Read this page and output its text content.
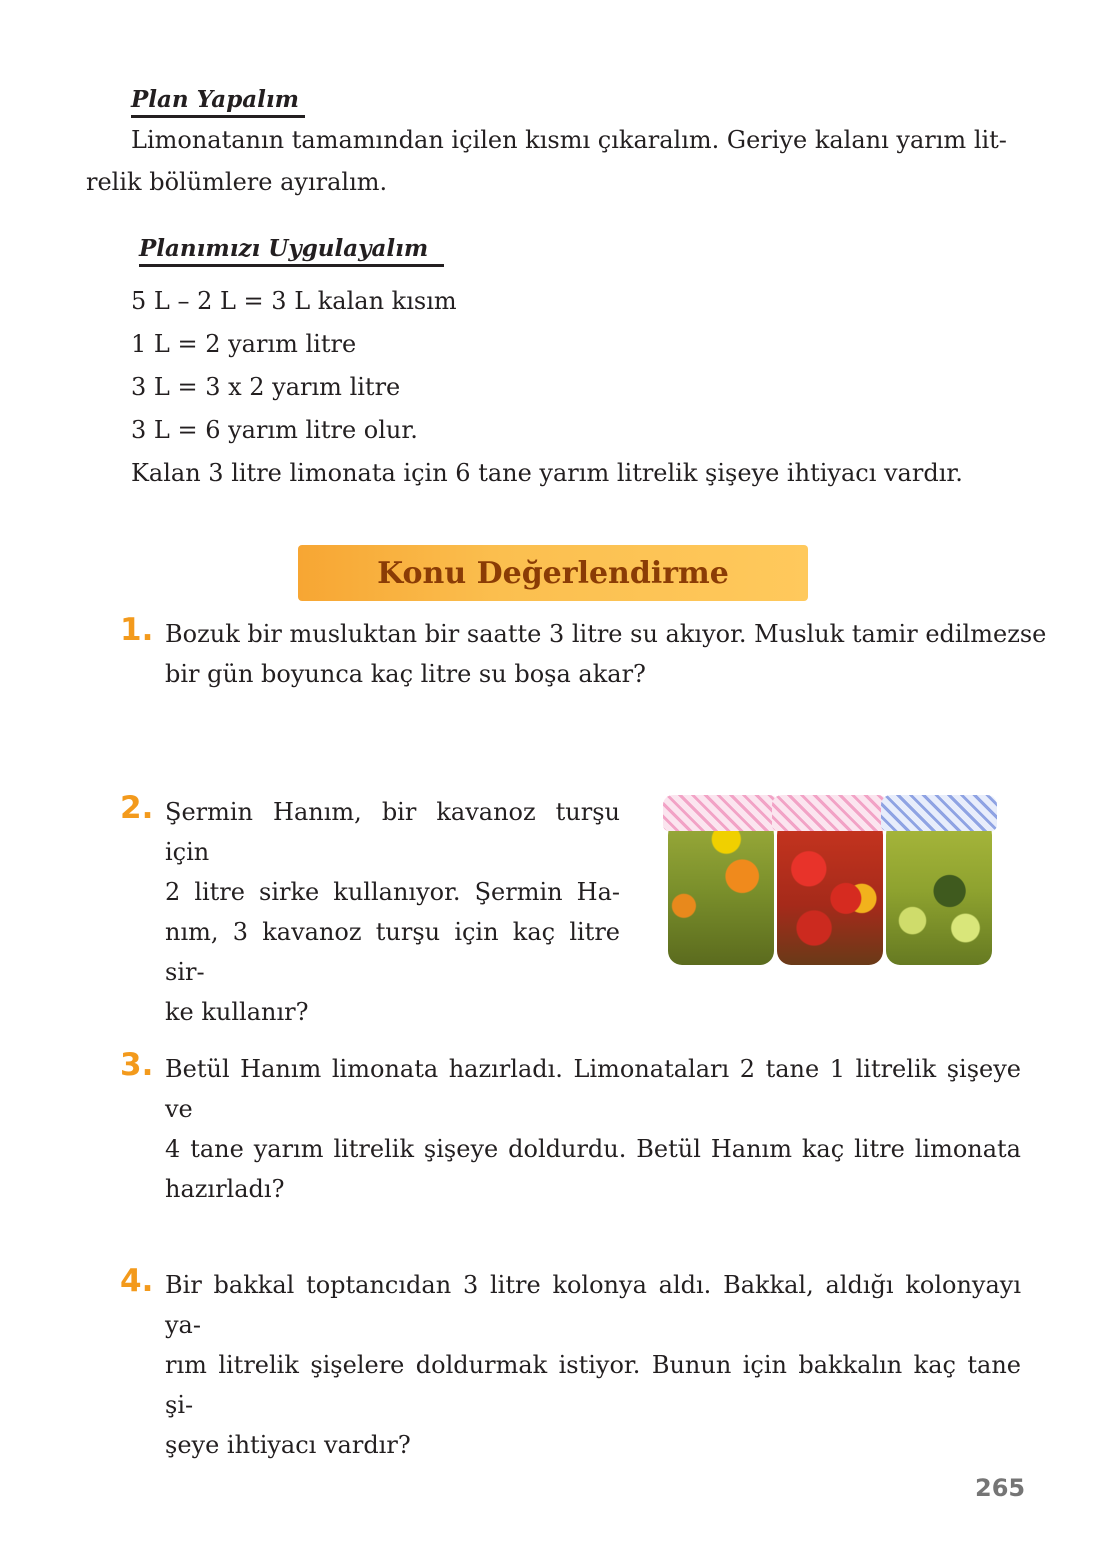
Plan Yapalım
Limonatanın tamamından içilen kısmı çıkaralım. Geriye kalanı yarım lit-
relik bölümlere ayıralım.
Planımızı Uygulayalım
5 L – 2 L = 3 L kalan kısım
1 L = 2 yarım litre
3 L = 3 x 2 yarım litre
3 L = 6 yarım litre olur.
Kalan 3 litre limonata için 6 tane yarım litrelik şişeye ihtiyacı vardır.
Konu Değerlendirme
1. Bozuk bir musluktan bir saatte 3 litre su akıyor. Musluk tamir edilmezse
bir gün boyunca kaç litre su boşa akar?
2. Şermin Hanım, bir kavanoz turşu için
2 litre sirke kullanıyor. Şermin Ha-
nım, 3 kavanoz turşu için kaç litre sir-
ke kullanır?
3. Betül Hanım limonata hazırladı. Limonataları 2 tane 1 litrelik şişeye ve
4 tane yarım litrelik şişeye doldurdu. Betül Hanım kaç litre limonata
hazırladı?
4. Bir bakkal toptancıdan 3 litre kolonya aldı. Bakkal, aldığı kolonyayı ya-
rım litrelik şişelere doldurmak istiyor. Bunun için bakkalın kaç tane şi-
şeye ihtiyacı vardır?
265
